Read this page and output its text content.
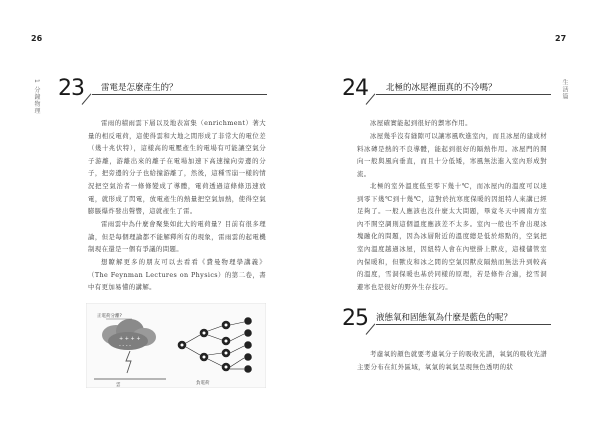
26
1 分鐘物理 23 雷電是怎麼產生的？
雷雨的積雨雲下層以及地表富集（enrichment）著大量的相反電荷，這使得雲和大地之間形成了非常大的電位差（幾十兆伏特），這樣高的電壓產生的電場有可能讓空氣分子游離，游離出來的離子在電場加速下高速撞向旁邊的分子，把旁邊的分子也給撞游離了，然後，這種雪崩一樣的情況把空氣治者一條條變成了導體，電荷透過這條條迅速放電，就形成了閃電，放電產生的熱量把空氣加熱，使得空氣膨脹爆炸發出聲響，這就產生了雷。
雷雨雲中為什麼會聚集如此大的電荷量？目前有很多理論，但是每個理論都不能解釋所有的現象，雷雨雲的起電機制現在還是一個有爭議的問題。
想瞭解更多的朋友可以去看看《費曼物理學講義》（The Feynman Lectures on Physics）的第二卷，書中有更加易懂的講解。
+ + + +
- - - -
正電荷分離?
雲	負電荷
27
生活篇
24 北極的冰屋裡面真的不冷嗎？
冰屋確實能起到很好的禦寒作用。
冰屋幾乎沒有縫隙可以讓寒風吹進室內，而且冰屋的建成材料冰磚是熱的不良導體，能起到很好的隔熱作用。冰屋門的開向一般與風向垂直，而且十分低矮，寒風無法進入室內形成對流。
北極的室外溫度低至零下幾十℃，而冰屋內的溫度可以達到零下幾℃到十幾℃，這對於抗寒度保暖的因紐特人來講已經足夠了。一般人應該也沒什麼太大問題，畢竟冬天中國南方室內不開空調則這個溫度應該差不太多。室內一般也不會出現冰塊融化的問題，因為冰層附近的溫度總是低於熔點的，空氣把室內溫度越過冰屋，因紐特人會在內壁掛上獸皮，這樣儲管室內保暖和，但獸皮和冰之間的空氣因獸皮隔熱而無法升到較高的溫度，雪洞保暖也基於同樣的原理，若是條件合適，挖雪洞避寒也是很好的野外生存技巧。
25 液態氧和固態氧為什麼是藍色的呢？
考慮氧的顏色就要考慮氧分子的吸收光譜，氧氣的吸收光譜主要分布在紅外區域，氧氣的氧氣呈現無色透明的狀
